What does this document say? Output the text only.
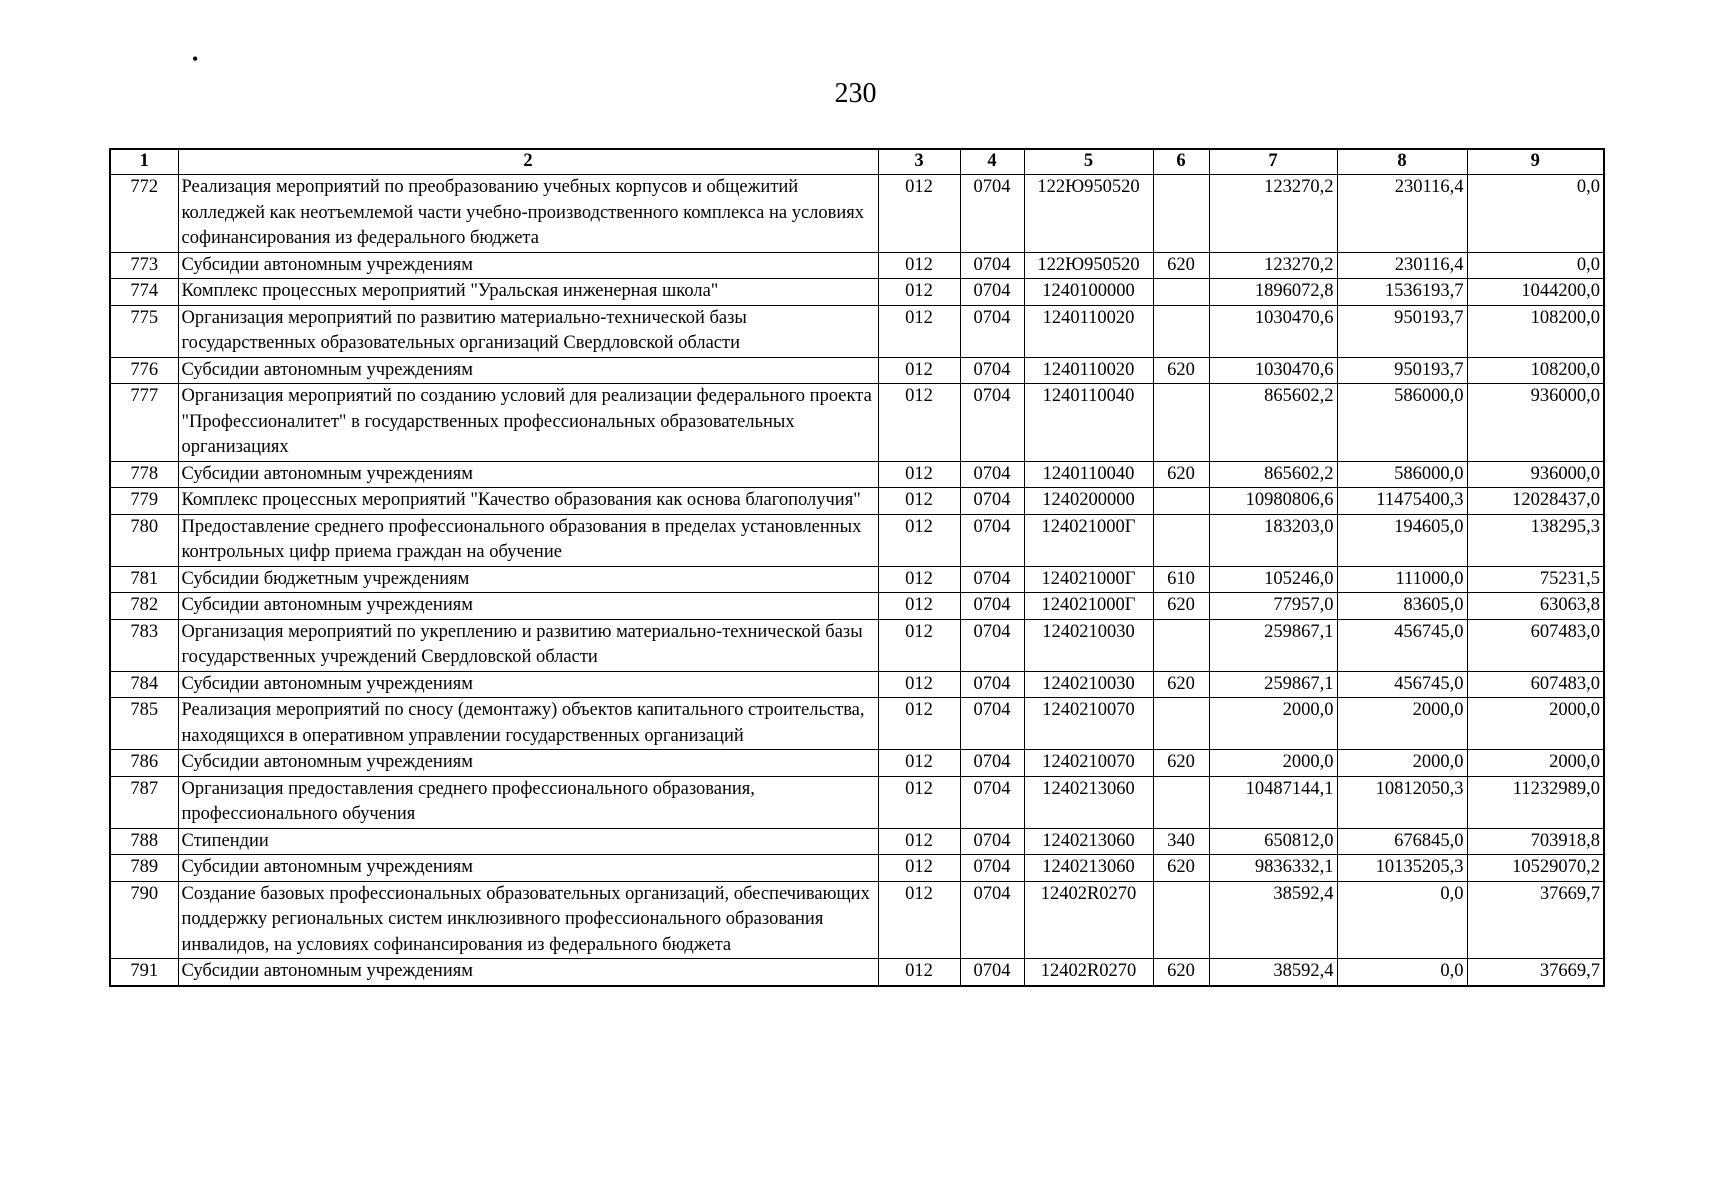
•
230
1	2	3	4	5	6	7	8	9
772	Реализация мероприятий по преобразованию учебных корпусов и общежитий колледжей как неотъемлемой части учебно-производственного комплекса на условиях софинансирования из федерального бюджета	012	0704	122Ю950520		123270,2	230116,4	0,0
773	Субсидии автономным учреждениям	012	0704	122Ю950520	620	123270,2	230116,4	0,0
774	Комплекс процессных мероприятий "Уральская инженерная школа"	012	0704	1240100000		1896072,8	1536193,7	1044200,0
775	Организация мероприятий по развитию материально-технической базы государственных образовательных организаций Свердловской области	012	0704	1240110020		1030470,6	950193,7	108200,0
776	Субсидии автономным учреждениям	012	0704	1240110020	620	1030470,6	950193,7	108200,0
777	Организация мероприятий по созданию условий для реализации федерального проекта "Профессионалитет" в государственных профессиональных образовательных организациях	012	0704	1240110040		865602,2	586000,0	936000,0
778	Субсидии автономным учреждениям	012	0704	1240110040	620	865602,2	586000,0	936000,0
779	Комплекс процессных мероприятий "Качество образования как основа благополучия"	012	0704	1240200000		10980806,6	11475400,3	12028437,0
780	Предоставление среднего профессионального образования в пределах установленных контрольных цифр приема граждан на обучение	012	0704	124021000Г		183203,0	194605,0	138295,3
781	Субсидии бюджетным учреждениям	012	0704	124021000Г	610	105246,0	111000,0	75231,5
782	Субсидии автономным учреждениям	012	0704	124021000Г	620	77957,0	83605,0	63063,8
783	Организация мероприятий по укреплению и развитию материально-технической базы государственных учреждений Свердловской области	012	0704	1240210030		259867,1	456745,0	607483,0
784	Субсидии автономным учреждениям	012	0704	1240210030	620	259867,1	456745,0	607483,0
785	Реализация мероприятий по сносу (демонтажу) объектов капитального строительства, находящихся в оперативном управлении государственных организаций	012	0704	1240210070		2000,0	2000,0	2000,0
786	Субсидии автономным учреждениям	012	0704	1240210070	620	2000,0	2000,0	2000,0
787	Организация предоставления среднего профессионального образования, профессионального обучения	012	0704	1240213060		10487144,1	10812050,3	11232989,0
788	Стипендии	012	0704	1240213060	340	650812,0	676845,0	703918,8
789	Субсидии автономным учреждениям	012	0704	1240213060	620	9836332,1	10135205,3	10529070,2
790	Создание базовых профессиональных образовательных организаций, обеспечивающих поддержку региональных систем инклюзивного профессионального образования инвалидов, на условиях софинансирования из федерального бюджета	012	0704	12402R0270		38592,4	0,0	37669,7
791	Субсидии автономным учреждениям	012	0704	12402R0270	620	38592,4	0,0	37669,7
